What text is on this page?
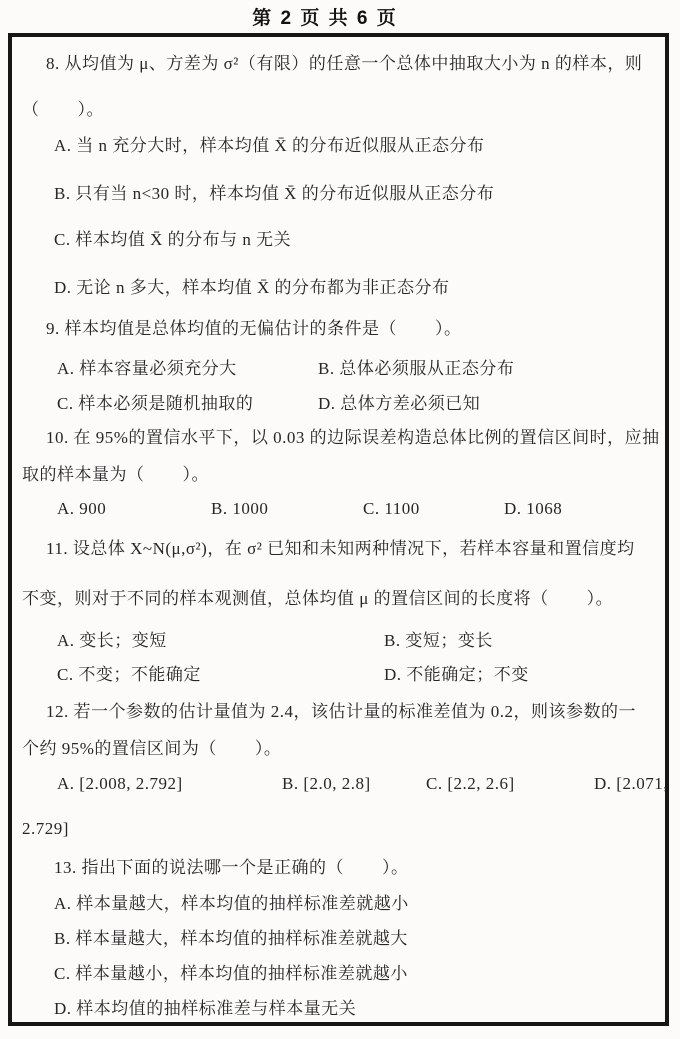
第 2 页 共 6 页
8. 从均值为 μ、方差为 σ²（有限）的任意一个总体中抽取大小为 n 的样本，则
（        ）。
A. 当 n 充分大时，样本均值 X̄ 的分布近似服从正态分布
B. 只有当 n<30 时，样本均值 X̄ 的分布近似服从正态分布
C. 样本均值 X̄ 的分布与 n 无关
D. 无论 n 多大，样本均值 X̄ 的分布都为非正态分布
9. 样本均值是总体均值的无偏估计的条件是（        ）。
A. 样本容量必须充分大	B. 总体必须服从正态分布
C. 样本必须是随机抽取的	D. 总体方差必须已知
10. 在 95%的置信水平下，以 0.03 的边际误差构造总体比例的置信区间时，应抽
取的样本量为（        ）。
A. 900	B. 1000	C. 1100	D. 1068
11. 设总体 X~N(μ,σ²)，在 σ² 已知和未知两种情况下，若样本容量和置信度均
不变，则对于不同的样本观测值，总体均值 μ 的置信区间的长度将（        ）。
A. 变长；变短	B. 变短；变长
C. 不变；不能确定	D. 不能确定；不变
12. 若一个参数的估计量值为 2.4，该估计量的标准差值为 0.2，则该参数的一
个约 95%的置信区间为（        ）。
A. [2.008, 2.792]	B. [2.0, 2.8]	C. [2.2, 2.6]	D. [2.071,
2.729]
13. 指出下面的说法哪一个是正确的（        ）。
A. 样本量越大，样本均值的抽样标准差就越小
B. 样本量越大，样本均值的抽样标准差就越大
C. 样本量越小，样本均值的抽样标准差就越小
D. 样本均值的抽样标准差与样本量无关
